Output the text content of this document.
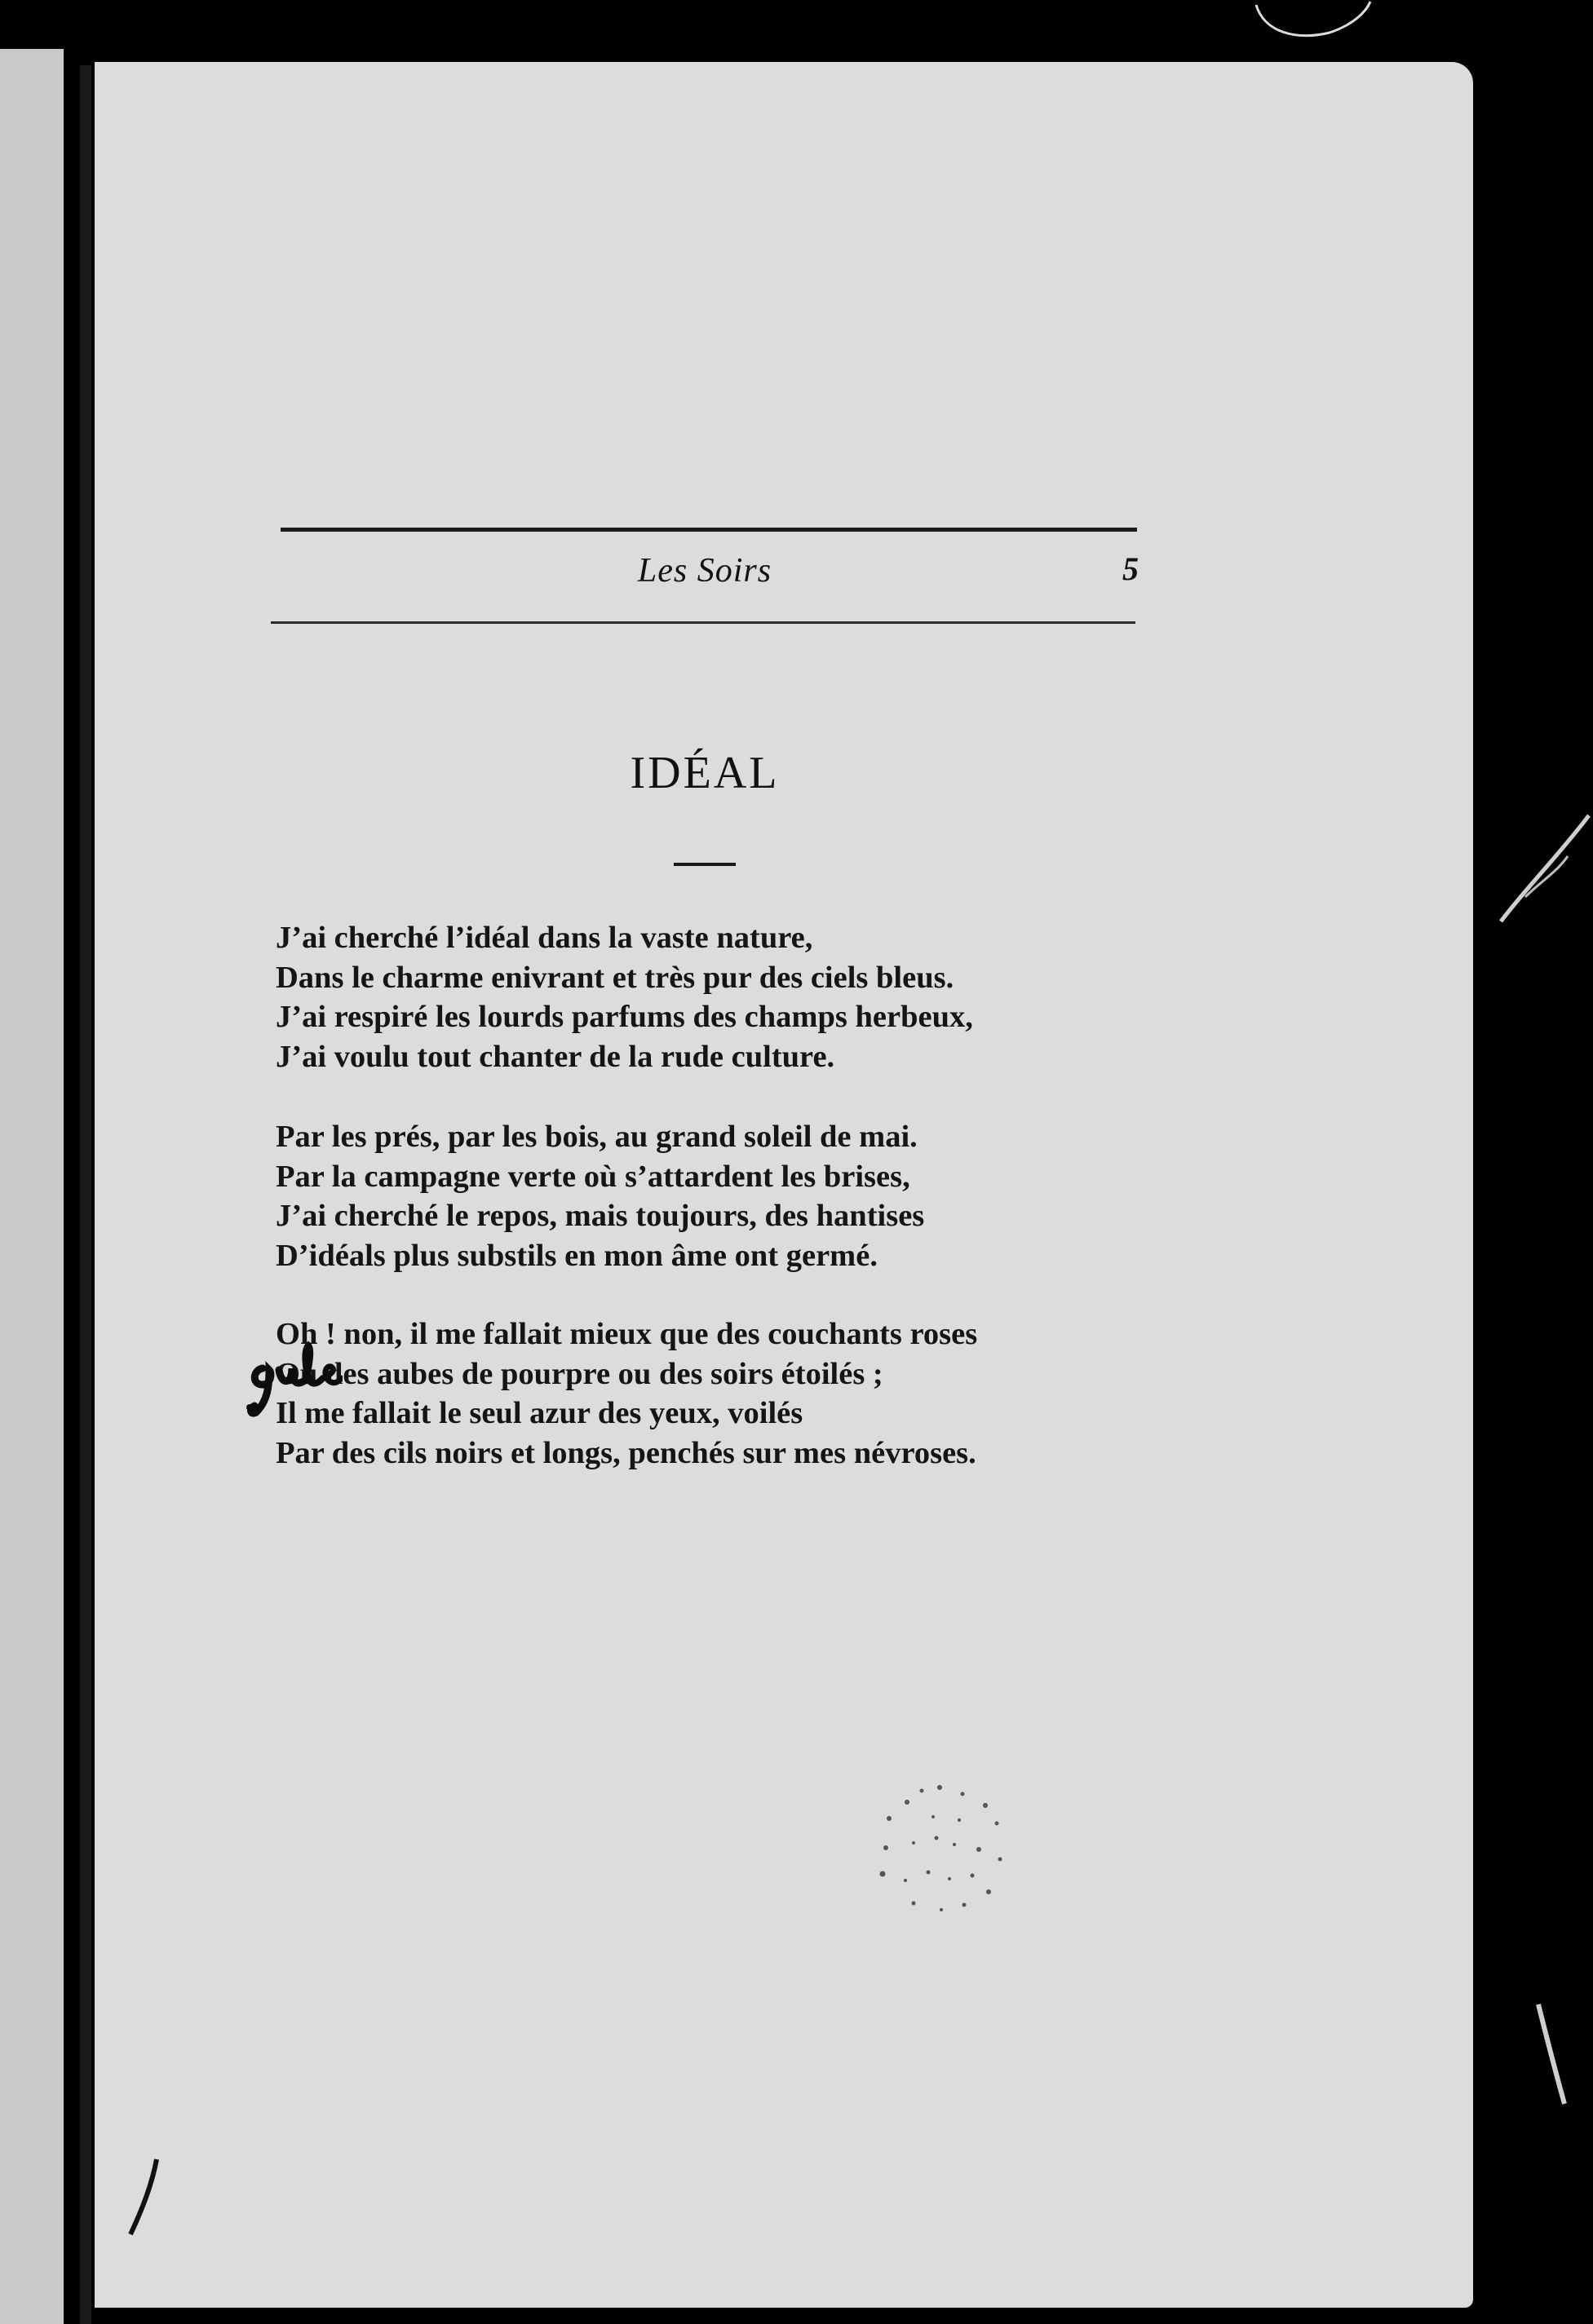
Les Soirs	5
IDÉAL
J’ai cherché l’idéal dans la vaste nature,
Dans le charme enivrant et très pur des ciels bleus.
J’ai respiré les lourds parfums des champs herbeux,
J’ai voulu tout chanter de la rude culture.
Par les prés, par les bois, au grand soleil de mai.
Par la campagne verte où s’attardent les brises,
J’ai cherché le repos, mais toujours, des hantises
D’idéals plus substils en mon âme ont germé.
Oh ! non, il me fallait mieux que des couchants roses
Ou des aubes de pourpre ou des soirs étoilés ;
Il me fallait le seul azur des yeux, voilés
Par des cils noirs et longs, penchés sur mes névroses.
